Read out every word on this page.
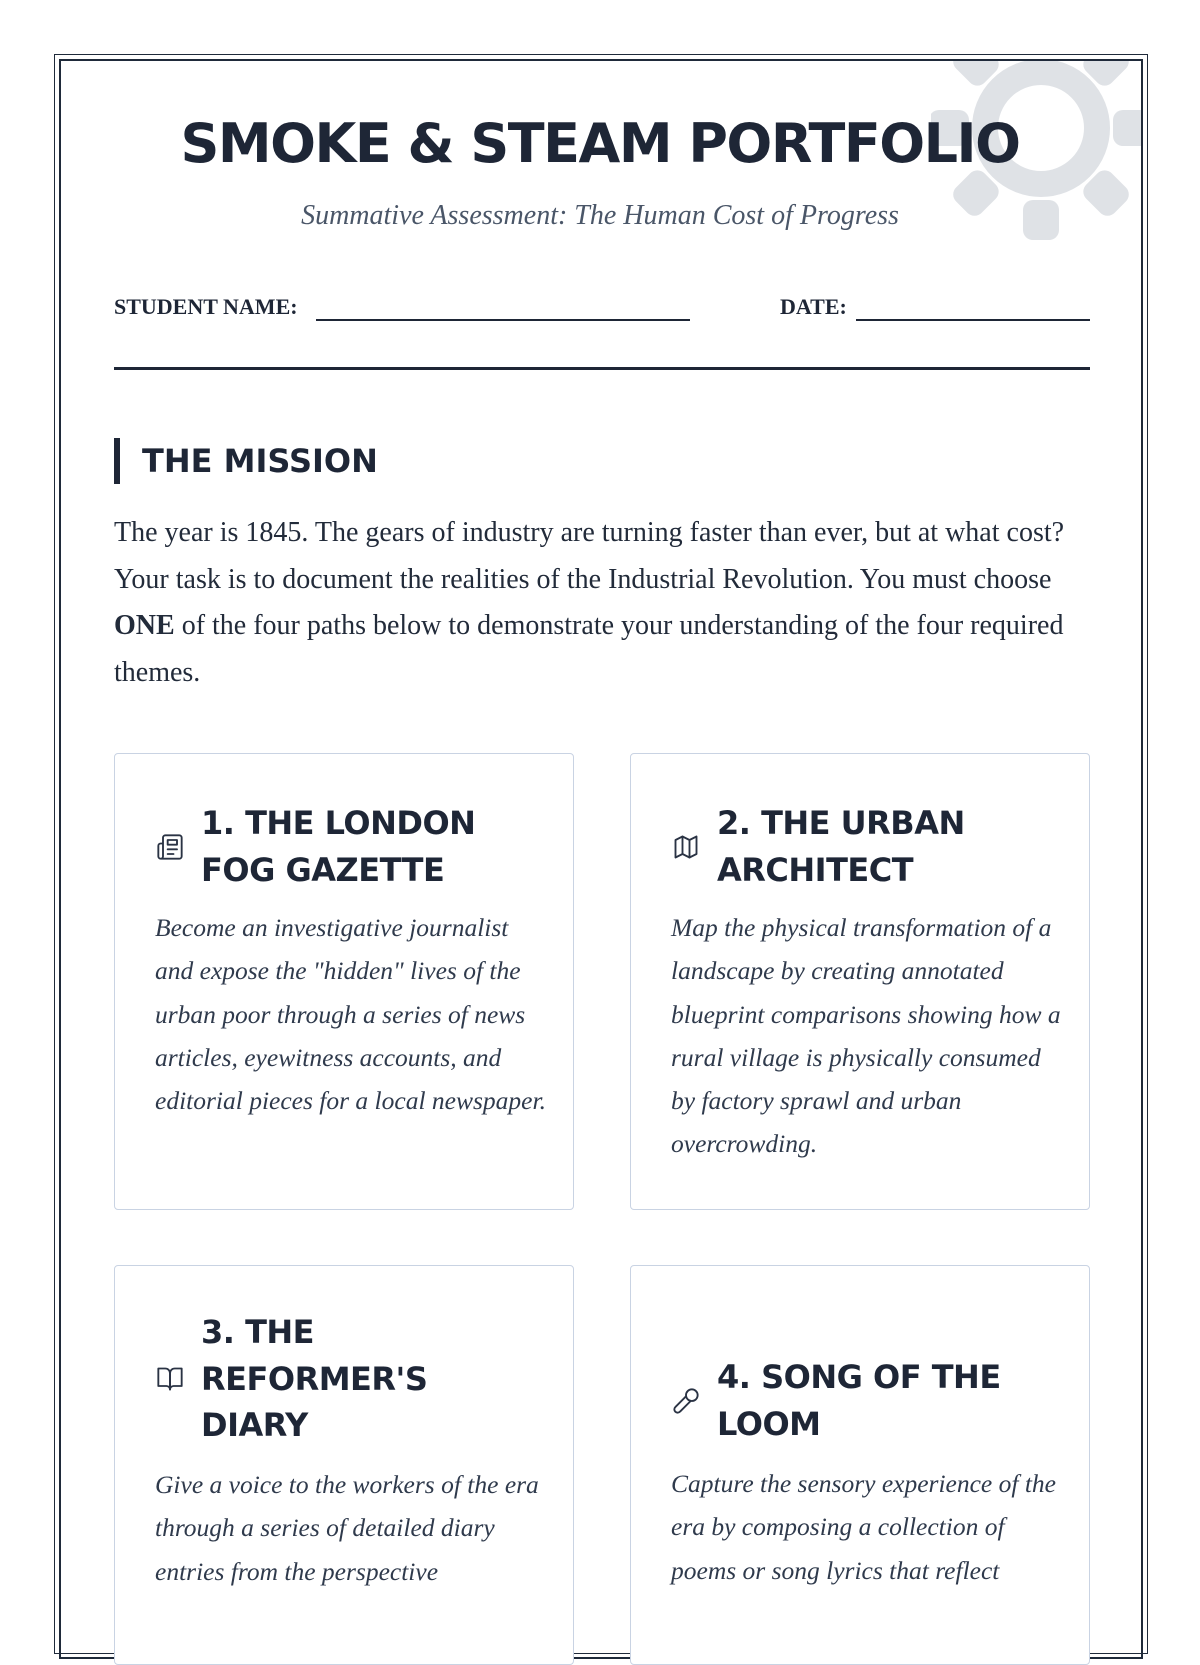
SMOKE & STEAM PORTFOLIO
Summative Assessment: The Human Cost of Progress
STUDENT NAME:	DATE:
THE MISSION

The year is 1845. The gears of industry are turning faster than ever, but at what cost? Your task is to document the realities of the Industrial Revolution. You must choose ONE of the four paths below to demonstrate your understanding of the four required themes.

1. THE LONDON FOG GAZETTE

Become an investigative journalist and expose the "hidden" lives of the urban poor through a series of news articles, eyewitness accounts, and editorial pieces for a local newspaper.

2. THE URBAN ARCHITECT

Map the physical transformation of a landscape by creating annotated blueprint comparisons showing how a rural village is physically consumed by factory sprawl and urban overcrowding.

3. THE REFORMER'S DIARY

Give a voice to the workers of the era through a series of detailed diary entries from the perspective

4. SONG OF THE LOOM

Capture the sensory experience of the era by composing a collection of poems or song lyrics that reflect
